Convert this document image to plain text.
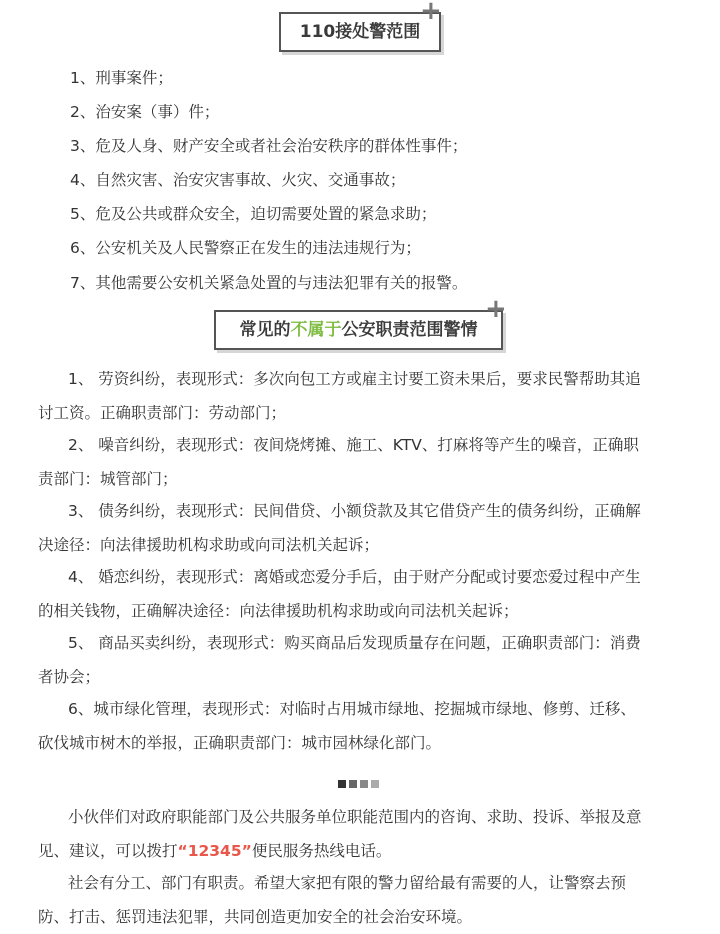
110接处警范围
+
1、刑事案件；
2、治安案（事）件；
3、危及人身、财产安全或者社会治安秩序的群体性事件；
4、自然灾害、治安灾害事故、火灾、交通事故；
5、危及公共或群众安全，迫切需要处置的紧急求助；
6、公安机关及人民警察正在发生的违法违规行为；
7、其他需要公安机关紧急处置的与违法犯罪有关的报警。
常见的不属于公安职责范围警情
+
1、 劳资纠纷，表现形式：多次向包工方或雇主讨要工资未果后，要求民警帮助其追
讨工资。正确职责部门：劳动部门；
2、 噪音纠纷，表现形式：夜间烧烤摊、施工、KTV、打麻将等产生的噪音，正确职
责部门：城管部门；
3、 债务纠纷，表现形式：民间借贷、小额贷款及其它借贷产生的债务纠纷，正确解
决途径：向法律援助机构求助或向司法机关起诉；
4、 婚恋纠纷，表现形式：离婚或恋爱分手后，由于财产分配或讨要恋爱过程中产生
的相关钱物，正确解决途径：向法律援助机构求助或向司法机关起诉；
5、 商品买卖纠纷，表现形式：购买商品后发现质量存在问题，正确职责部门：消费
者协会；
6、城市绿化管理，表现形式：对临时占用城市绿地、挖掘城市绿地、修剪、迁移、
砍伐城市树木的举报，正确职责部门：城市园林绿化部门。
小伙伴们对政府职能部门及公共服务单位职能范围内的咨询、求助、投诉、举报及意
见、建议，可以拨打“12345”便民服务热线电话。
社会有分工、部门有职责。希望大家把有限的警力留给最有需要的人，让警察去预
防、打击、惩罚违法犯罪，共同创造更加安全的社会治安环境。
